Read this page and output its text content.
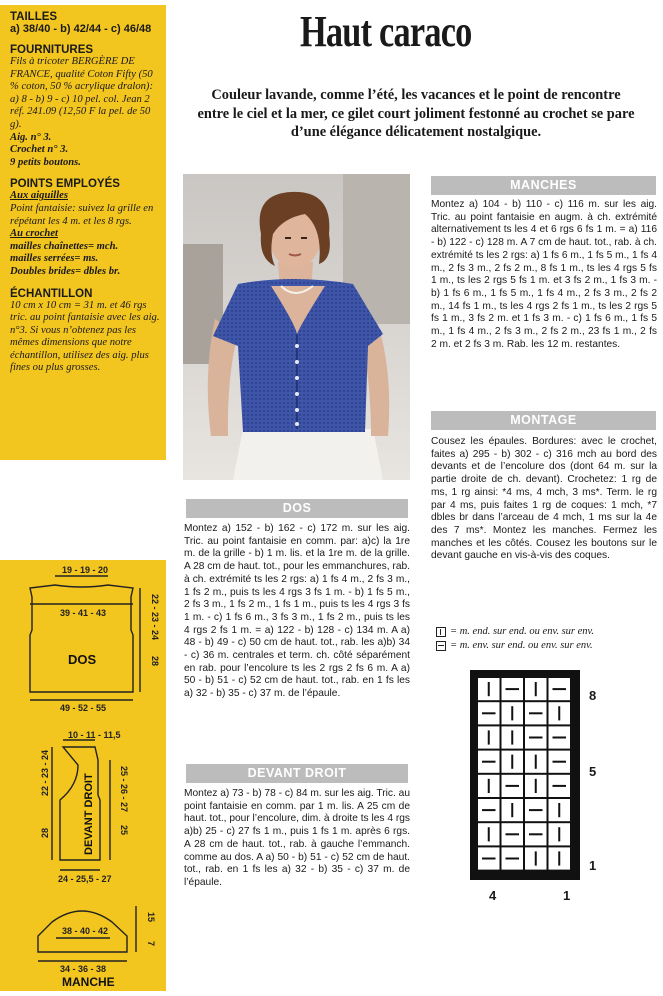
TAILLES
a) 38/40 - b) 42/44 - c) 46/48
FOURNITURES
Fils à tricoter BERGÈRE DE FRANCE, qualité Coton Fifty (50 % coton, 50 % acrylique dralon): a) 8 - b) 9 - c) 10 pel. col. Jean 2 réf. 241.09 (12,50 F la pel. de 50 g).
Aig. n° 3.
Crochet n° 3.
9 petits boutons.
POINTS EMPLOYÉS
Aux aiguilles
Point fantaisie: suivez la grille en répétant les 4 m. et les 8 rgs.
Au crochet
mailles chaînettes= mch.
mailles serrées= ms.
Doubles brides= dbles br.
ÉCHANTILLON
10 cm x 10 cm = 31 m. et 46 rgs tric. au point fantaisie avec les aig. n°3. Si vous n’obtenez pas les mêmes dimensions que notre échantillon, utilisez des aig. plus fines ou plus grosses.
Haut caraco
Couleur lavande, comme l’été, les vacances et le point de rencontre entre le ciel et la mer, ce gilet court joliment festonné au crochet se pare d’une élégance délicatement nostalgique.
DOS
Montez a) 152 - b) 162 - c) 172 m. sur les aig. Tric. au point fantaisie en comm. par: a)c) la 1re m. de la grille - b) 1 m. lis. et la 1re m. de la grille. A 28 cm de haut. tot., pour les emmanchures, rab. à ch. extrémité ts les 2 rgs: a) 1 fs 4 m., 2 fs 3 m., 1 fs 2 m., puis ts les 4 rgs 3 fs 1 m. - b) 1 fs 5 m., 2 fs 3 m., 1 fs 2 m., 1 fs 1 m., puis ts les 4 rgs 3 fs 1 m. - c) 1 fs 6 m., 3 fs 3 m., 1 fs 2 m., puis ts les 4 rgs 2 fs 1 m. = a) 122 - b) 128 - c) 134 m. A a) 48 - b) 49 - c) 50 cm de haut. tot., rab. les a)b) 34 - c) 36 m. centrales et term. ch. côté séparément en rab. pour l’encolure ts les 2 rgs 2 fs 6 m. A a) 50 - b) 51 - c) 52 cm de haut. tot., rab. en 1 fs les a) 32 - b) 35 - c) 37 m. de l’épaule.
DEVANT DROIT
Montez a) 73 - b) 78 - c) 84 m. sur les aig. Tric. au point fantaisie en comm. par 1 m. lis. A 25 cm de haut. tot., pour l’encolure, dim. à droite ts les 4 rgs a)b) 25 - c) 27 fs 1 m., puis 1 fs 1 m. après 6 rgs. A 28 cm de haut. tot., rab. à gauche l’emmanch. comme au dos. A a) 50 - b) 51 - c) 52 cm de haut. tot., rab. en 1 fs les a) 32 - b) 35 - c) 37 m. de l’épaule.
MANCHES
Montez a) 104 - b) 110 - c) 116 m. sur les aig. Tric. au point fantaisie en augm. à ch. extrémité alternativement ts les 4 et 6 rgs 6 fs 1 m. = a) 116 - b) 122 - c) 128 m. A 7 cm de haut. tot., rab. à ch. extrémité ts les 2 rgs: a) 1 fs 6 m., 1 fs 5 m., 1 fs 4 m., 2 fs 3 m., 2 fs 2 m., 8 fs 1 m., ts les 4 rgs 5 fs 1 m., ts les 2 rgs 5 fs 1 m. et 3 fs 2 m., 1 fs 3 m. - b) 1 fs 6 m., 1 fs 5 m., 1 fs 4 m., 2 fs 3 m., 2 fs 2 m., 14 fs 1 m., ts les 4 rgs 2 fs 1 m., ts les 2 rgs 5 fs 1 m., 3 fs 2 m. et 1 fs 3 m. - c) 1 fs 6 m., 1 fs 5 m., 1 fs 4 m., 2 fs 3 m., 2 fs 2 m., 23 fs 1 m., 2 fs 2 m. et 2 fs 3 m. Rab. les 12 m. restantes.
MONTAGE
Cousez les épaules. Bordures: avec le crochet, faites a) 295 - b) 302 - c) 316 mch au bord des devants et de l’encolure dos (dont 64 m. sur la partie droite de ch. devant). Crochetez: 1 rg de ms, 1 rg ainsi: *4 ms, 4 mch, 3 ms*. Term. le rg par 4 ms, puis faites 1 rg de coques: 1 mch, *7 dbles br dans l’arceau de 4 mch, 1 ms sur la 4e des 7 ms*. Montez les manches. Fermez les manches et les côtés. Cousez les boutons sur le devant gauche en vis-à-vis des coques.
= m. end. sur end. ou env. sur env.
= m. env. sur end. ou env. sur env.
8
5
1
4	1
19 - 19 - 20
39 - 41 - 43
49 - 52 - 55
22 - 23 - 24
28
10 - 11 - 11,5
24 - 25,5 - 27
22 - 23 - 24
28
25 - 26 - 27
25
38 - 40 - 42
34 - 36 - 38
15
7
DOS
DEVANT DROIT
MANCHE
